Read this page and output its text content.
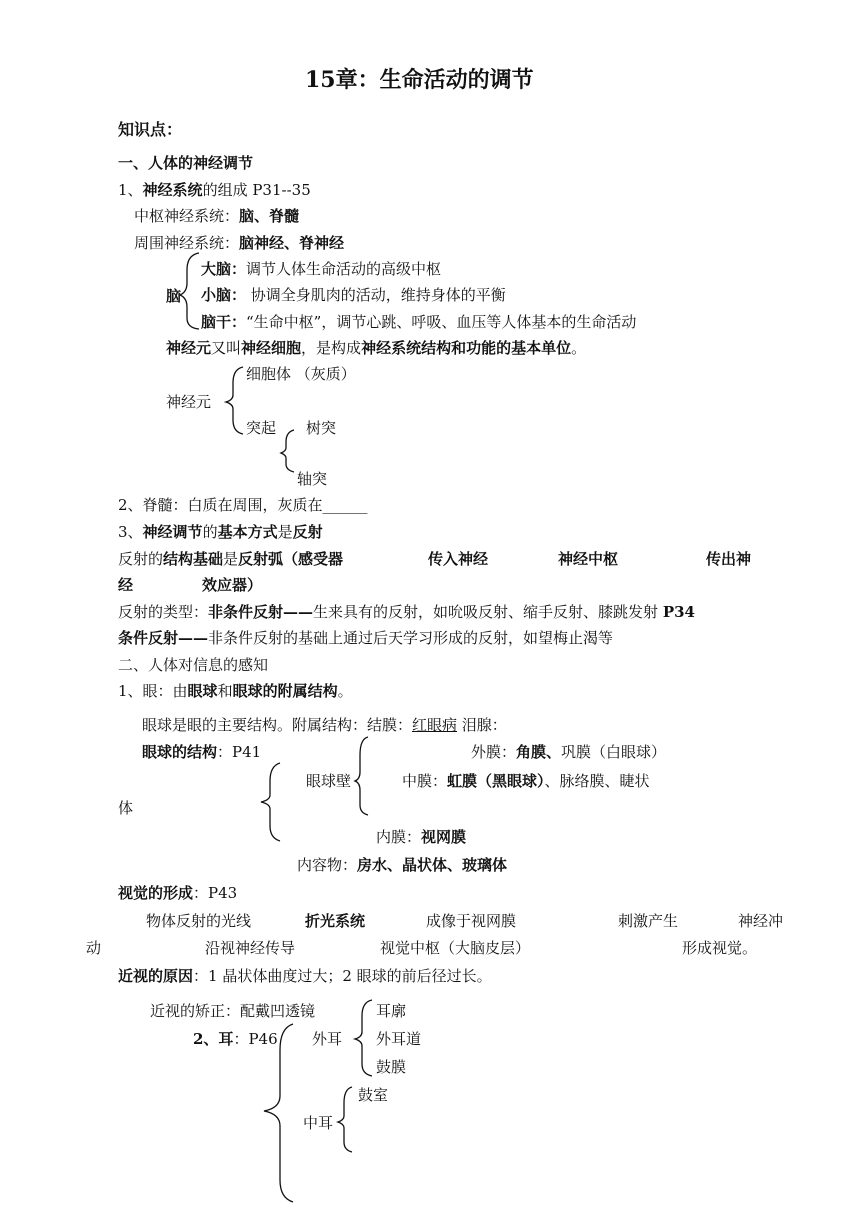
15章：生命活动的调节
知识点：
一、人体的神经调节
1、神经系统的组成 P31--35
中枢神经系统：脑、脊髓
周围神经系统：脑神经、脊神经
脑
大脑：调节人体生命活动的高级中枢
小脑： 协调全身肌肉的活动，维持身体的平衡
脑干：“生命中枢”，调节心跳、呼吸、血压等人体基本的生命活动
神经元又叫神经细胞，是构成神经系统结构和功能的基本单位。
神经元
细胞体 （灰质）
突起 树突
轴突
2、脊髓：白质在周围，灰质在______
3、神经调节的基本方式是反射
反射的结构基础是反射弧（感受器	传入神经	神经中枢	传出神
经	效应器）
反射的类型：非条件反射——生来具有的反射，如吮吸反射、缩手反射、膝跳发射 P34
条件反射——非条件反射的基础上通过后天学习形成的反射，如望梅止渴等
二、人体对信息的感知
1、眼：由眼球和眼球的附属结构。
眼球是眼的主要结构。附属结构：结膜：红眼病 泪腺：
眼球的结构：P41	外膜：角膜、巩膜（白眼球）
眼球壁	中膜：虹膜（黑眼球）、脉络膜、睫状
体
内膜：视网膜
内容物：房水、晶状体、玻璃体
视觉的形成：P43
物体反射的光线	折光系统	成像于视网膜	刺激产生	神经冲
动	沿视神经传导	视觉中枢（大脑皮层）	形成视觉。
近视的原因：1 晶状体曲度过大；2 眼球的前后径过长。
近视的矫正：配戴凹透镜	耳廓
2、耳：P46 外耳 外耳道
鼓膜
鼓室
中耳
